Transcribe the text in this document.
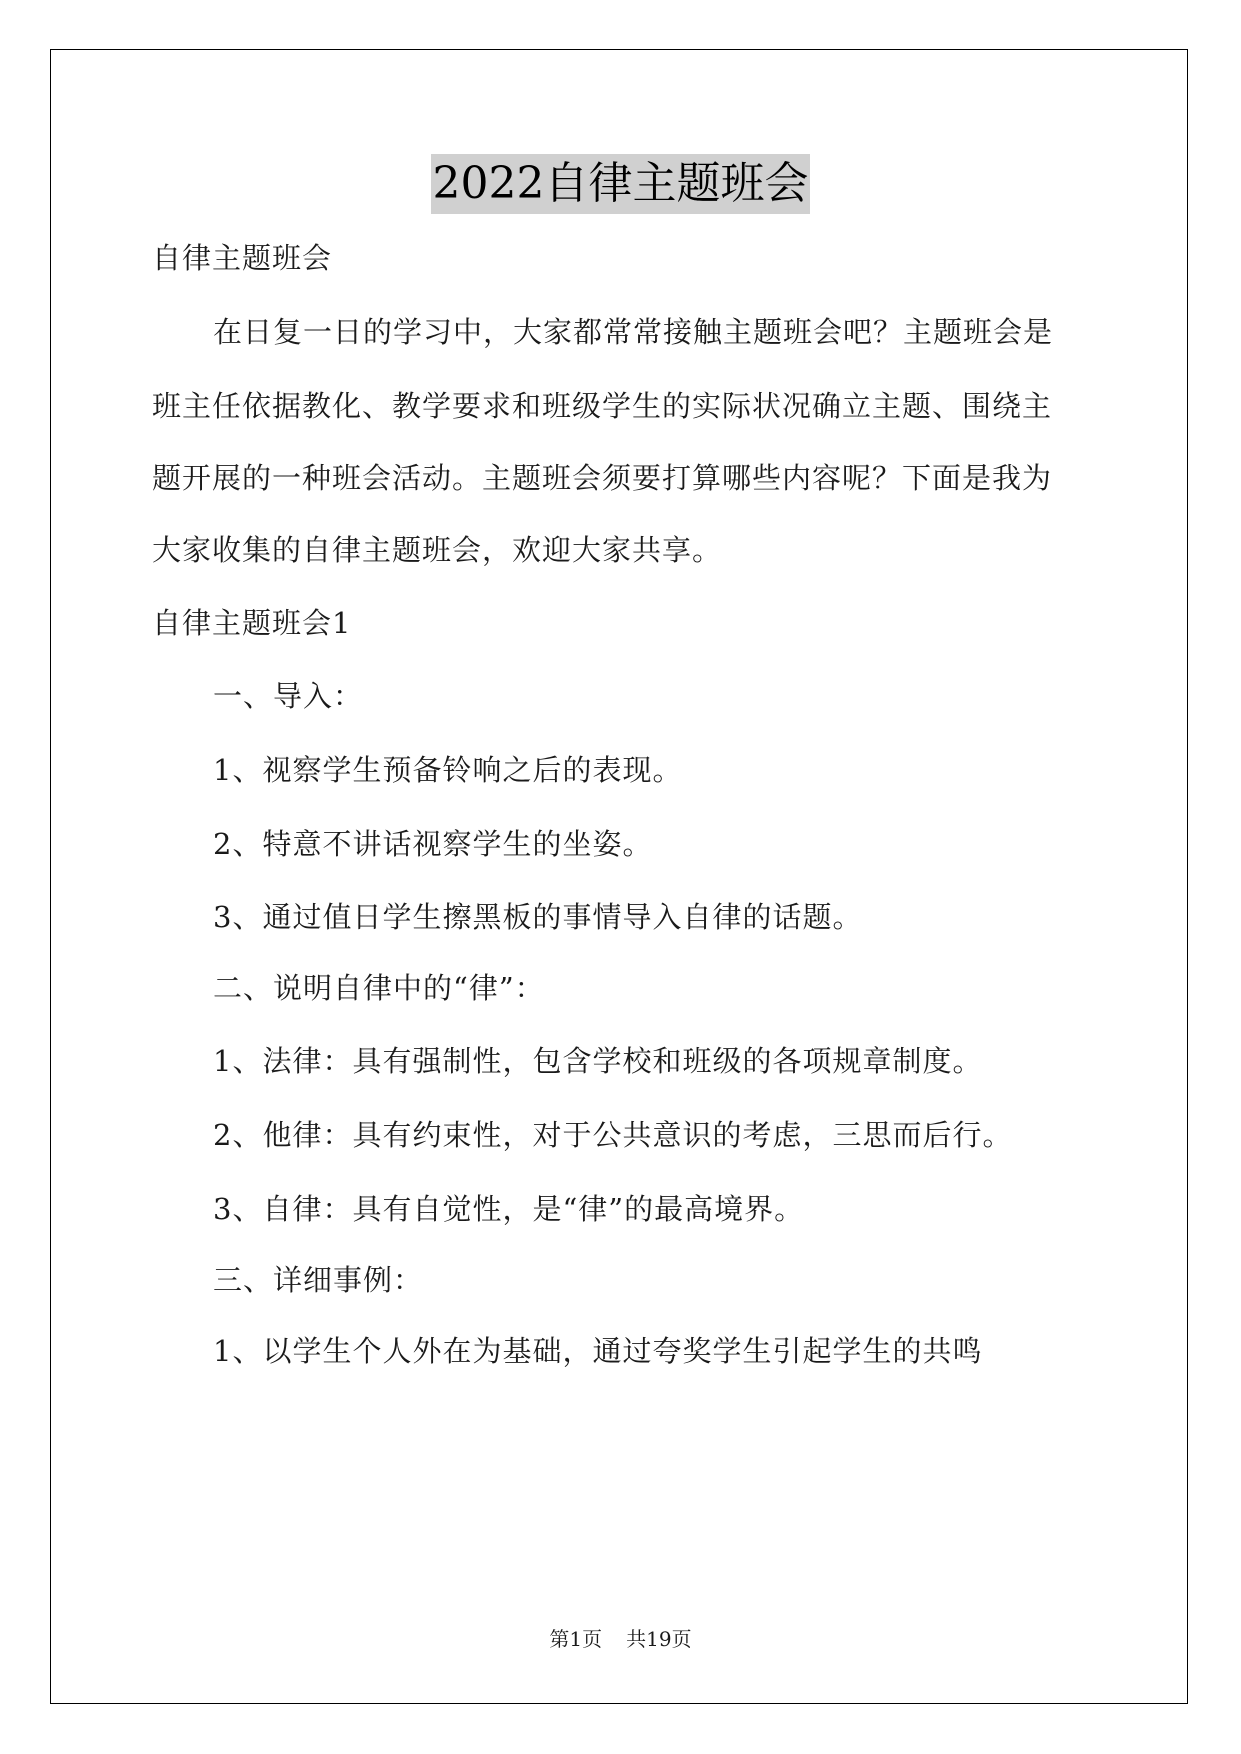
2022自律主题班会
自律主题班会
在日复一日的学习中，大家都常常接触主题班会吧？主题班会是
班主任依据教化、教学要求和班级学生的实际状况确立主题、围绕主
题开展的一种班会活动。主题班会须要打算哪些内容呢？下面是我为
大家收集的自律主题班会，欢迎大家共享。
自律主题班会1
一、导入：
1、视察学生预备铃响之后的表现。
2、特意不讲话视察学生的坐姿。
3、通过值日学生擦黑板的事情导入自律的话题。
二、说明自律中的“律”：
1、法律：具有强制性，包含学校和班级的各项规章制度。
2、他律：具有约束性，对于公共意识的考虑，三思而后行。
3、自律：具有自觉性，是“律”的最高境界。
三、详细事例：
1、以学生个人外在为基础，通过夸奖学生引起学生的共鸣
第1页 共19页
